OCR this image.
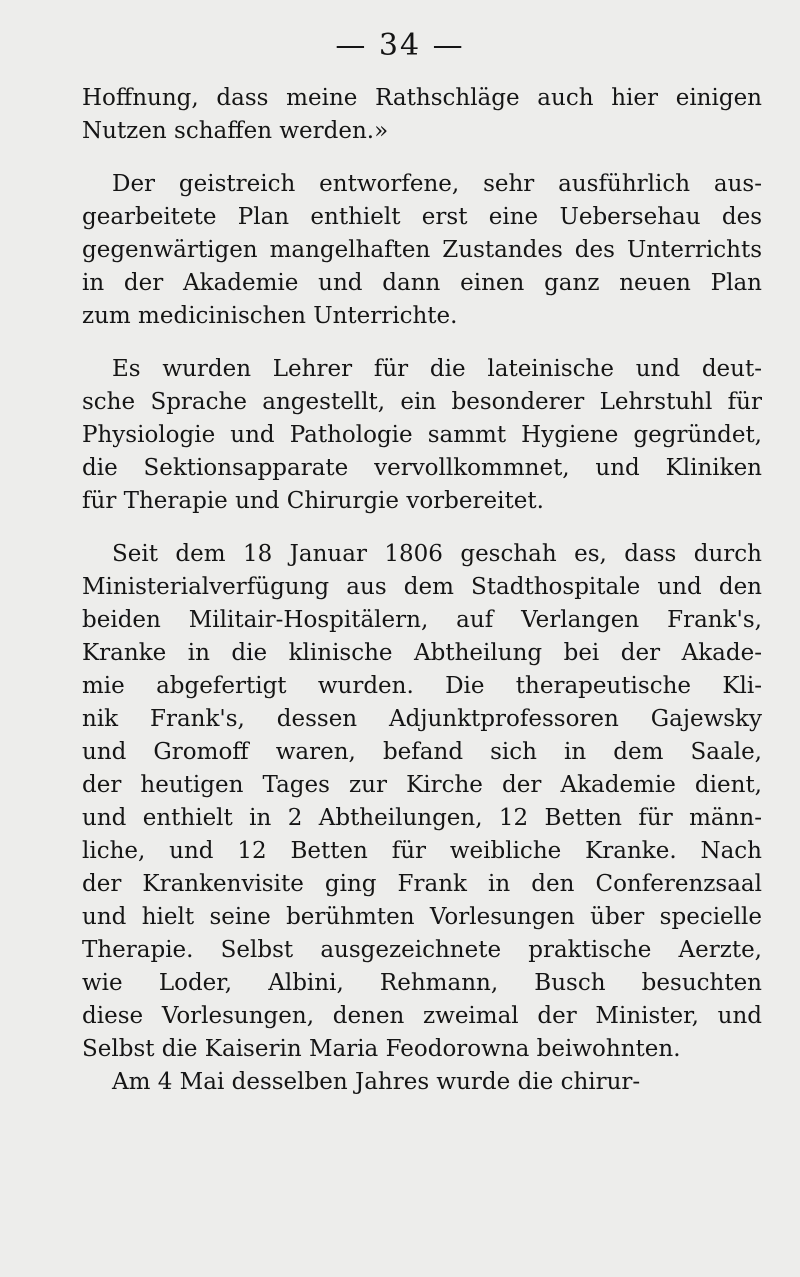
— 34 —
Hoffnung, dass meine Rathschläge auch hier einigen
Nutzen schaffen werden.»
Der geistreich entworfene, sehr ausführlich aus-
gearbeitete Plan enthielt erst eine Uebersehau des
gegenwärtigen mangelhaften Zustandes des Unterrichts
in der Akademie und dann einen ganz neuen Plan
zum medicinischen Unterrichte.
Es wurden Lehrer für die lateinische und deut-
sche Sprache angestellt, ein besonderer Lehrstuhl für
Physiologie und Pathologie sammt Hygiene gegründet,
die Sektionsapparate vervollkommnet, und Kliniken
für Therapie und Chirurgie vorbereitet.
Seit dem 18 Januar 1806 geschah es, dass durch
Ministerialverfügung aus dem Stadthospitale und den
beiden Militair-Hospitälern, auf Verlangen Frank's,
Kranke in die klinische Abtheilung bei der Akade-
mie abgefertigt wurden. Die therapeutische Kli-
nik Frank's, dessen Adjunktprofessoren Gajewsky
und Gromoff waren, befand sich in dem Saale,
der heutigen Tages zur Kirche der Akademie dient,
und enthielt in 2 Abtheilungen, 12 Betten für männ-
liche, und 12 Betten für weibliche Kranke. Nach
der Krankenvisite ging Frank in den Conferenzsaal
und hielt seine berühmten Vorlesungen über specielle
Therapie. Selbst ausgezeichnete praktische Aerzte,
wie Loder, Albini, Rehmann, Busch besuchten
diese Vorlesungen, denen zweimal der Minister, und
Selbst die Kaiserin Maria Feodorowna beiwohnten.
Am 4 Mai desselben Jahres wurde die chirur-
